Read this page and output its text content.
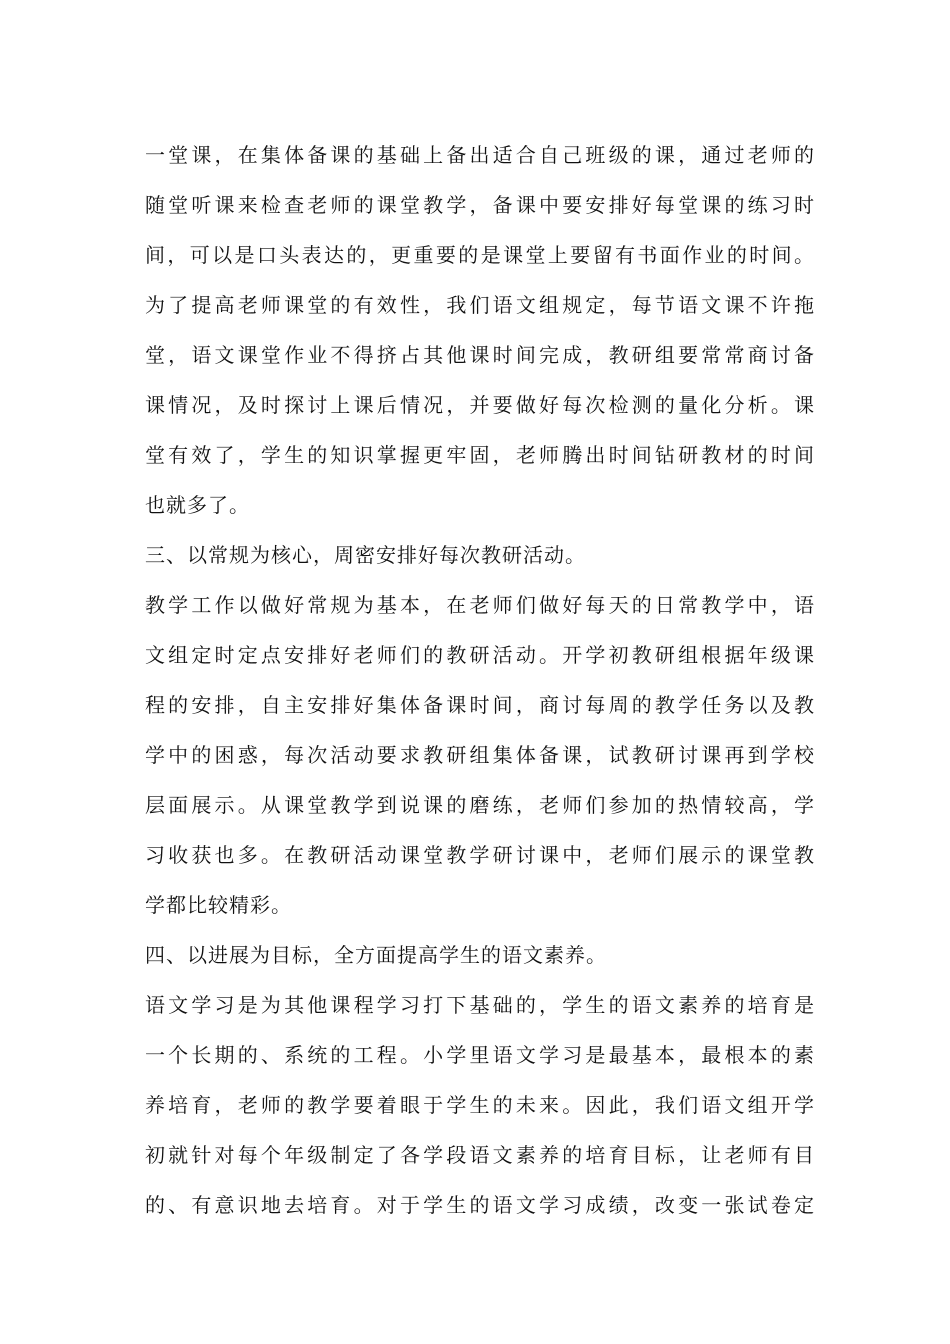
一堂课，在集体备课的基础上备出适合自己班级的课，通过老师的
随堂听课来检查老师的课堂教学，备课中要安排好每堂课的练习时
间，可以是口头表达的，更重要的是课堂上要留有书面作业的时间。
为了提高老师课堂的有效性，我们语文组规定，每节语文课不许拖
堂，语文课堂作业不得挤占其他课时间完成，教研组要常常商讨备
课情况，及时探讨上课后情况，并要做好每次检测的量化分析。课
堂有效了，学生的知识掌握更牢固，老师腾出时间钻研教材的时间
也就多了。
三、以常规为核心，周密安排好每次教研活动。
教学工作以做好常规为基本，在老师们做好每天的日常教学中，语
文组定时定点安排好老师们的教研活动。开学初教研组根据年级课
程的安排，自主安排好集体备课时间，商讨每周的教学任务以及教
学中的困惑，每次活动要求教研组集体备课，试教研讨课再到学校
层面展示。从课堂教学到说课的磨练，老师们参加的热情较高，学
习收获也多。在教研活动课堂教学研讨课中，老师们展示的课堂教
学都比较精彩。
四、以进展为目标，全方面提高学生的语文素养。
语文学习是为其他课程学习打下基础的，学生的语文素养的培育是
一个长期的、系统的工程。小学里语文学习是最基本，最根本的素
养培育，老师的教学要着眼于学生的未来。因此，我们语文组开学
初就针对每个年级制定了各学段语文素养的培育目标，让老师有目
的、有意识地去培育。对于学生的语文学习成绩，改变一张试卷定
